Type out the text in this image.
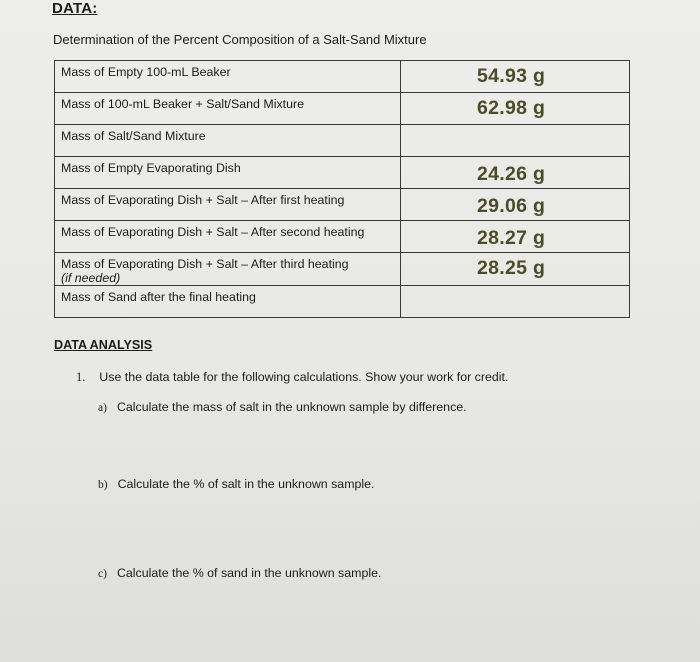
DATA:
Determination of the Percent Composition of a Salt-Sand Mixture
Mass of Empty 100-mL Beaker	54.93 g

Mass of 100-mL Beaker + Salt/Sand Mixture	62.98 g

Mass of Salt/Sand Mixture	

Mass of Empty Evaporating Dish	24.26 g

Mass of Evaporating Dish + Salt – After first heating	29.06 g

Mass of Evaporating Dish + Salt – After second heating	28.27 g

Mass of Evaporating Dish + Salt – After third heating
(if needed)	28.25 g

Mass of Sand after the final heating	
DATA ANALYSIS
1. Use the data table for the following calculations. Show your work for credit.
a) Calculate the mass of salt in the unknown sample by difference.
b) Calculate the % of salt in the unknown sample.
c) Calculate the % of sand in the unknown sample.
